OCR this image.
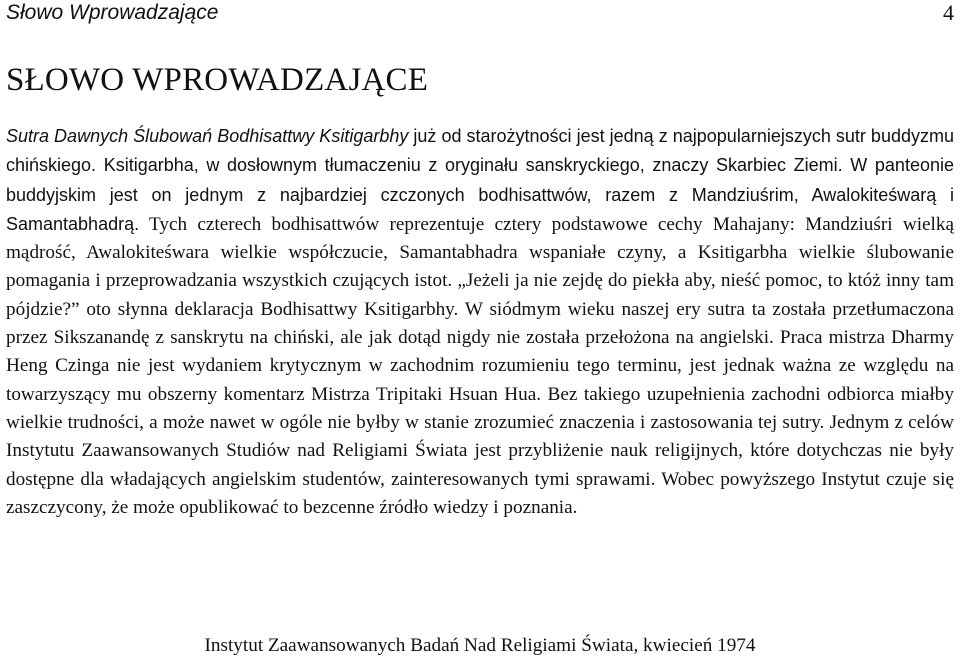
Słowo Wprowadzające	4
SŁOWO WPROWADZAJĄCE

Sutra Dawnych Ślubowań Bodhisattwy Ksitigarbhy już od starożytności jest jedną z najpopularniejszych sutr buddyzmu chińskiego. Ksitigarbha, w dosłownym tłumaczeniu z oryginału sanskryckiego, znaczy Skarbiec Ziemi. W panteonie buddyjskim jest on jednym z najbardziej czczonych bodhisattwów, razem z Mandziuśrim, Awalokiteśwarą i Samantabhadrą. Tych czterech bodhisattwów reprezentuje cztery podstawowe cechy Mahajany: Mandziuśri wielką mądrość, Awalokiteśwara wielkie współczucie, Samantabhadra wspaniałe czyny, a Ksitigarbha wielkie ślubowanie pomagania i przeprowadzania wszystkich czujących istot. „Jeżeli ja nie zejdę do piekła aby, nieść pomoc, to któż inny tam pójdzie?” oto słynna deklaracja Bodhisattwy Ksitigarbhy. W siódmym wieku naszej ery sutra ta została przetłumaczona przez Sikszanandę z sanskrytu na chiński, ale jak dotąd nigdy nie została przełożona na angielski. Praca mistrza Dharmy Heng Czinga nie jest wydaniem krytycznym w zachodnim rozumieniu tego terminu, jest jednak ważna ze względu na towarzyszący mu obszerny komentarz Mistrza Tripitaki Hsuan Hua. Bez takiego uzupełnienia zachodni odbiorca miałby wielkie trudności, a może nawet w ogóle nie byłby w stanie zrozumieć znaczenia i zastosowania tej sutry. Jednym z celów Instytutu Zaawansowanych Studiów nad Religiami Świata jest przybliżenie nauk religijnych, które dotychczas nie były dostępne dla władających angielskim studentów, zainteresowanych tymi sprawami. Wobec powyższego Instytut czuje się zaszczycony, że może opublikować to bezcenne źródło wiedzy i poznania.

Instytut Zaawansowanych Badań Nad Religiami Świata, kwiecień 1974
